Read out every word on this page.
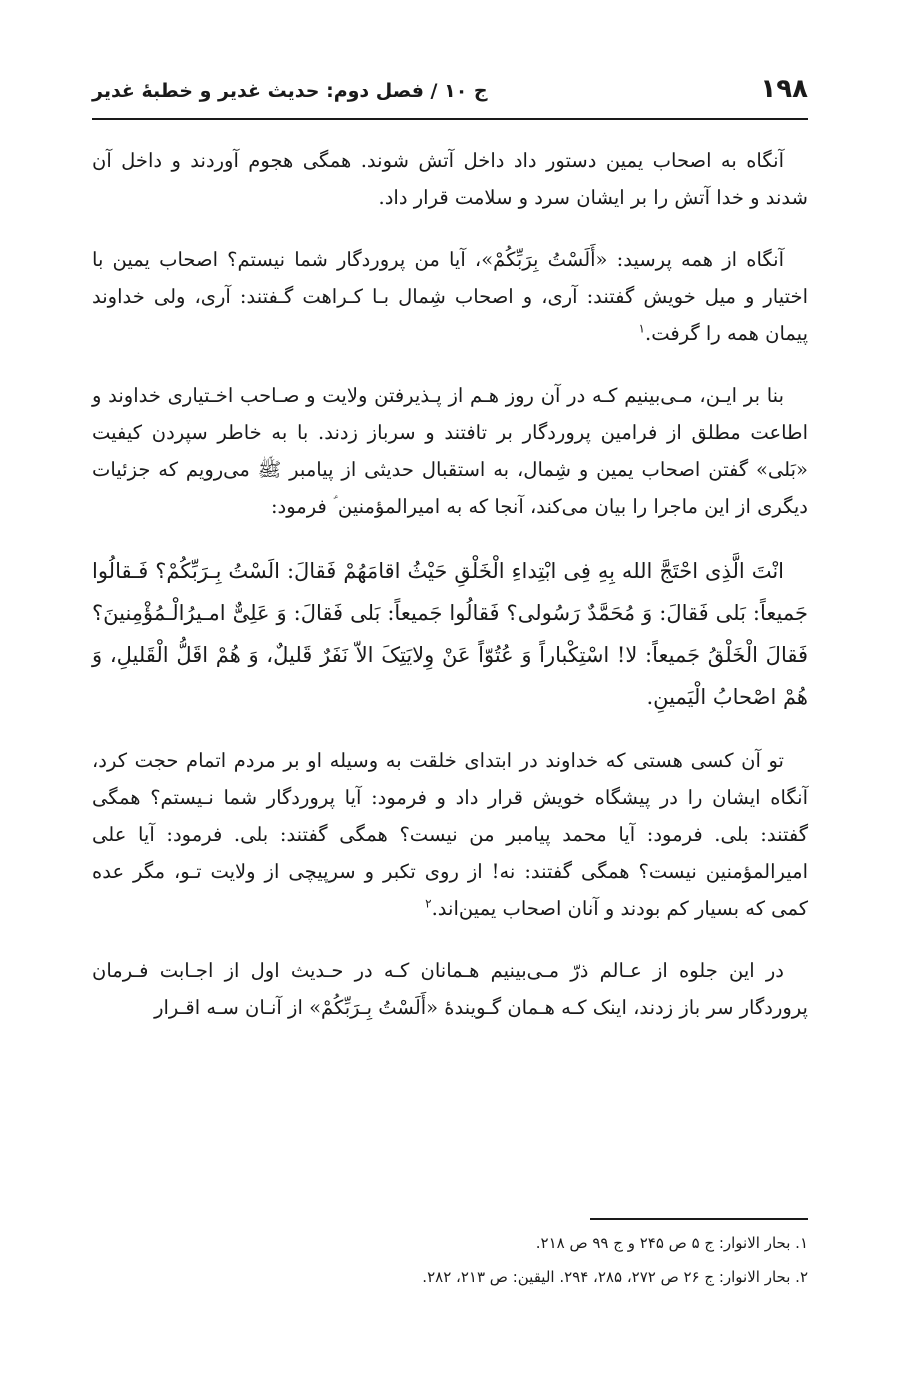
۱۹۸
ج ۱۰ / فصل دوم: حدیث غدیر و خطبهٔ غدیر

آنگاه به اصحاب یمین دستور داد داخل آتش شوند. همگی هجوم آوردند و داخل آن شدند و خدا آتش را بر ایشان سرد و سلامت قرار داد.

آنگاه از همه پرسید: «أَلَسْتُ بِرَبِّكُمْ»، آیا من پروردگار شما نیستم؟ اصحاب یمین با اختیار و میل خویش گفتند: آری، و اصحاب شِمال بـا کـراهت گـفتند: آری، ولی خداوند پیمان همه را گرفت.$^۱$

بنا بر ایـن، مـی‌بینیم کـه در آن روز هـم از پـذیرفتن ولایت و صـاحب اخـتیاری خداوند و اطاعت مطلق از فرامین پروردگار بر تافتند و سرباز زدند. با به خاطر سپردن کیفیت «بَلی» گفتن اصحاب یمین و شِمال، به استقبال حدیثی از پیامبر ﷺ می‌رویم که جزئیات دیگری از این ماجرا را بیان می‌کند، آنجا که به امیرالمؤمنین ؑ فرمود:

انْتَ الَّذِی احْتَجَّ الله بِهِ فِی ابْتِداءِ الْخَلْقِ حَیْثُ اقامَهُمْ فَقالَ: الَسْتُ بِـرَبِّكُمْ؟ فَـقالُوا جَمیعاً: بَلی فَقالَ: وَ مُحَمَّدٌ رَسُولی؟ فَقالُوا جَمیعاً: بَلی فَقالَ: وَ عَلِیٌّ امـیرُالْـمُؤْمِنینَ؟ فَقالَ الْخَلْقُ جَمیعاً: لا! اسْتِكْباراً وَ عُتُوّاً عَنْ وِلایَتِکَ الاّ نَفَرٌ قَلیلٌ، وَ هُمْ اقَلُّ الْقَلیلِ، وَ هُمْ اصْحابُ الْیَمینِ.

تو آن کسی هستی که خداوند در ابتدای خلقت به وسیله او بر مردم اتمام حجت کرد، آنگاه ایشان را در پیشگاه خویش قرار داد و فرمود: آیا پروردگار شما نـیستم؟ همگی گفتند: بلی. فرمود: آیا محمد پیامبر من نیست؟ همگی گفتند: بلی. فرمود: آیا علی امیرالمؤمنین نیست؟ همگی گفتند: نه! از روی تکبر و سرپیچی از ولایت تـو، مگر عده کمی که بسیار کم بودند و آنان اصحاب یمین‌اند.$^۲$

در این جلوه از عـالم ذرّ مـی‌بینیم هـمانان کـه در حـدیث اول از اجـابت فـرمان پروردگار سر باز زدند، اینک کـه هـمان گـویندهٔ «أَلَسْتُ بِـرَبِّكُمْ» از آنـان سـه اقـرار

۱. بحار الانوار: ج ۵ ص ۲۴۵ و ج ۹۹ ص ۲۱۸.
۲. بحار الانوار: ج ۲۶ ص ۲۷۲، ۲۸۵، ۲۹۴. الیقین: ص ۲۱۳، ۲۸۲.
